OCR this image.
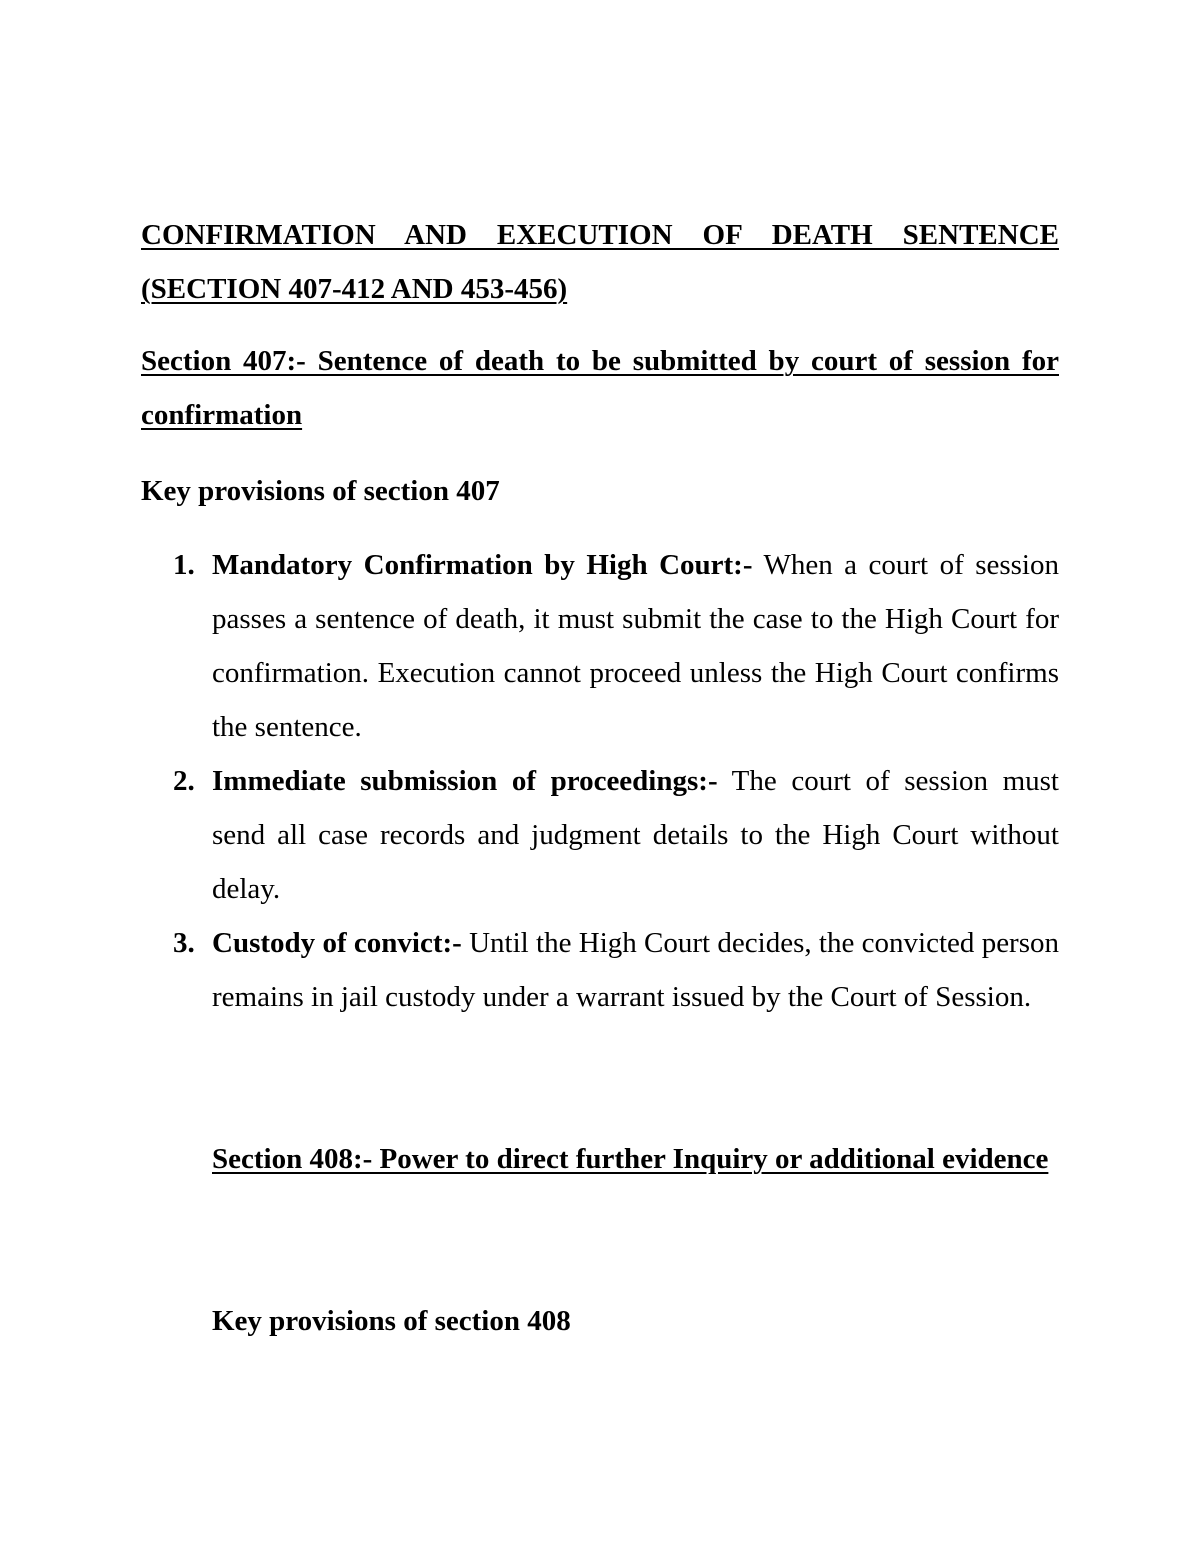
CONFIRMATION AND EXECUTION OF DEATH SENTENCE (SECTION 407-412 AND 453-456)
Section 407:- Sentence of death to be submitted by court of session for confirmation
Key provisions of section 407
1. Mandatory Confirmation by High Court:- When a court of session passes a sentence of death, it must submit the case to the High Court for confirmation. Execution cannot proceed unless the High Court confirms the sentence.
2. Immediate submission of proceedings:- The court of session must send all case records and judgment details to the High Court without delay.
3. Custody of convict:- Until the High Court decides, the convicted person remains in jail custody under a warrant issued by the Court of Session.
Section 408:- Power to direct further Inquiry or additional evidence
Key provisions of section 408
